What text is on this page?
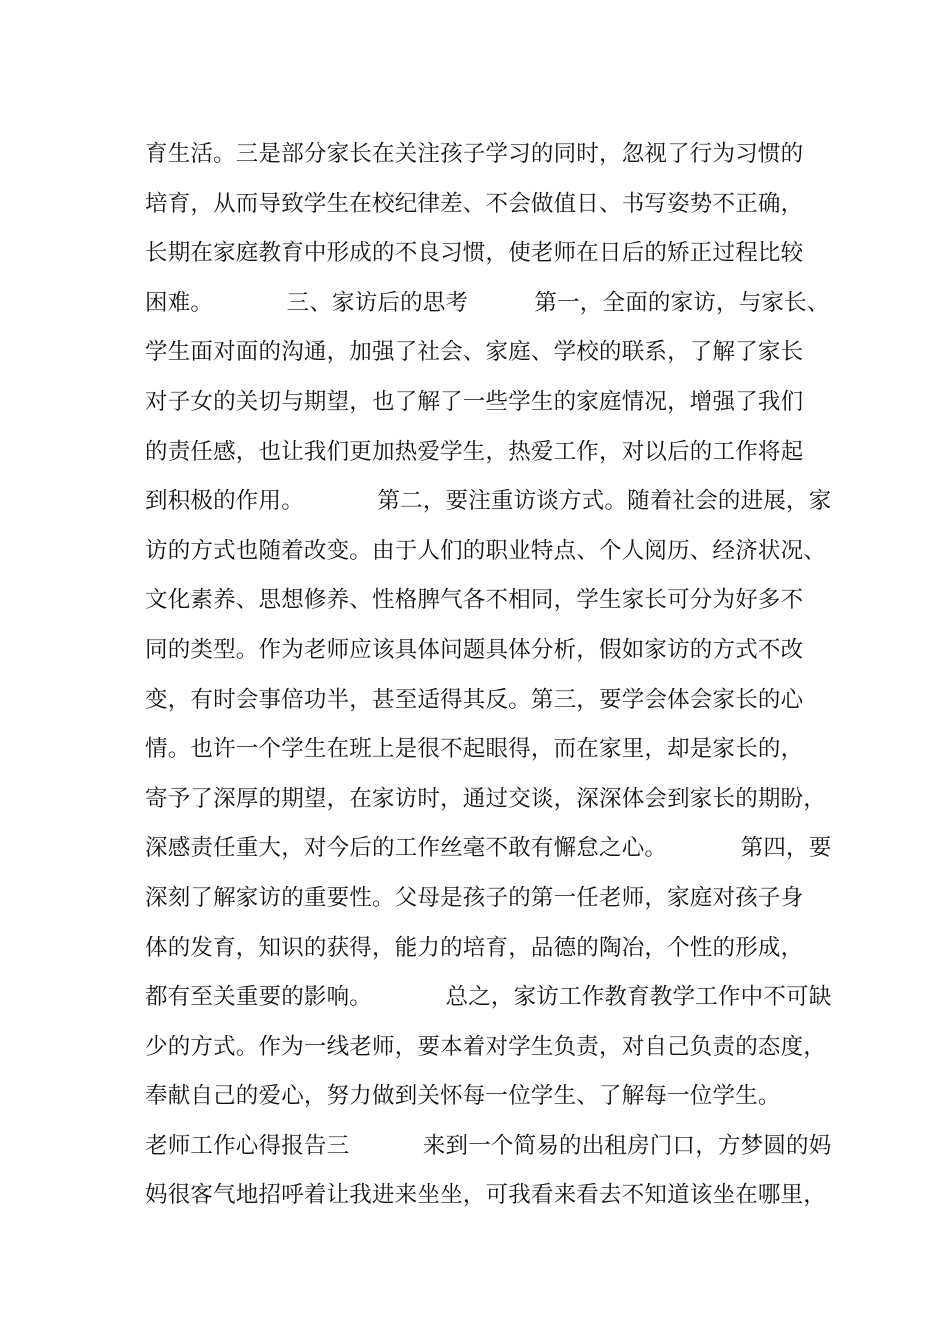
育生活。三是部分家长在关注孩子学习的同时，忽视了行为习惯的
培育，从而导致学生在校纪律差、不会做值日、书写姿势不正确，
长期在家庭教育中形成的不良习惯，使老师在日后的矫正过程比较
困难。          三、家访后的思考         第一，全面的家访，与家长、
学生面对面的沟通，加强了社会、家庭、学校的联系，了解了家长
对子女的关切与期望，也了解了一些学生的家庭情况，增强了我们
的责任感，也让我们更加热爱学生，热爱工作，对以后的工作将起
到积极的作用。          第二，要注重访谈方式。随着社会的进展，家
访的方式也随着改变。由于人们的职业特点、个人阅历、经济状况、
文化素养、思想修养、性格脾气各不相同，学生家长可分为好多不
同的类型。作为老师应该具体问题具体分析，假如家访的方式不改
变，有时会事倍功半，甚至适得其反。第三，要学会体会家长的心
情。也许一个学生在班上是很不起眼得，而在家里，却是家长的，
寄予了深厚的期望，在家访时，通过交谈，深深体会到家长的期盼，
深感责任重大，对今后的工作丝毫不敢有懈怠之心。          第四，要
深刻了解家访的重要性。父母是孩子的第一任老师，家庭对孩子身
体的发育，知识的获得，能力的培育，品德的陶冶，个性的形成，
都有至关重要的影响。          总之，家访工作教育教学工作中不可缺
少的方式。作为一线老师，要本着对学生负责，对自己负责的态度，
奉献自己的爱心，努力做到关怀每一位学生、了解每一位学生。
老师工作心得报告三          来到一个简易的出租房门口，方梦圆的妈
妈很客气地招呼着让我进来坐坐，可我看来看去不知道该坐在哪里，
